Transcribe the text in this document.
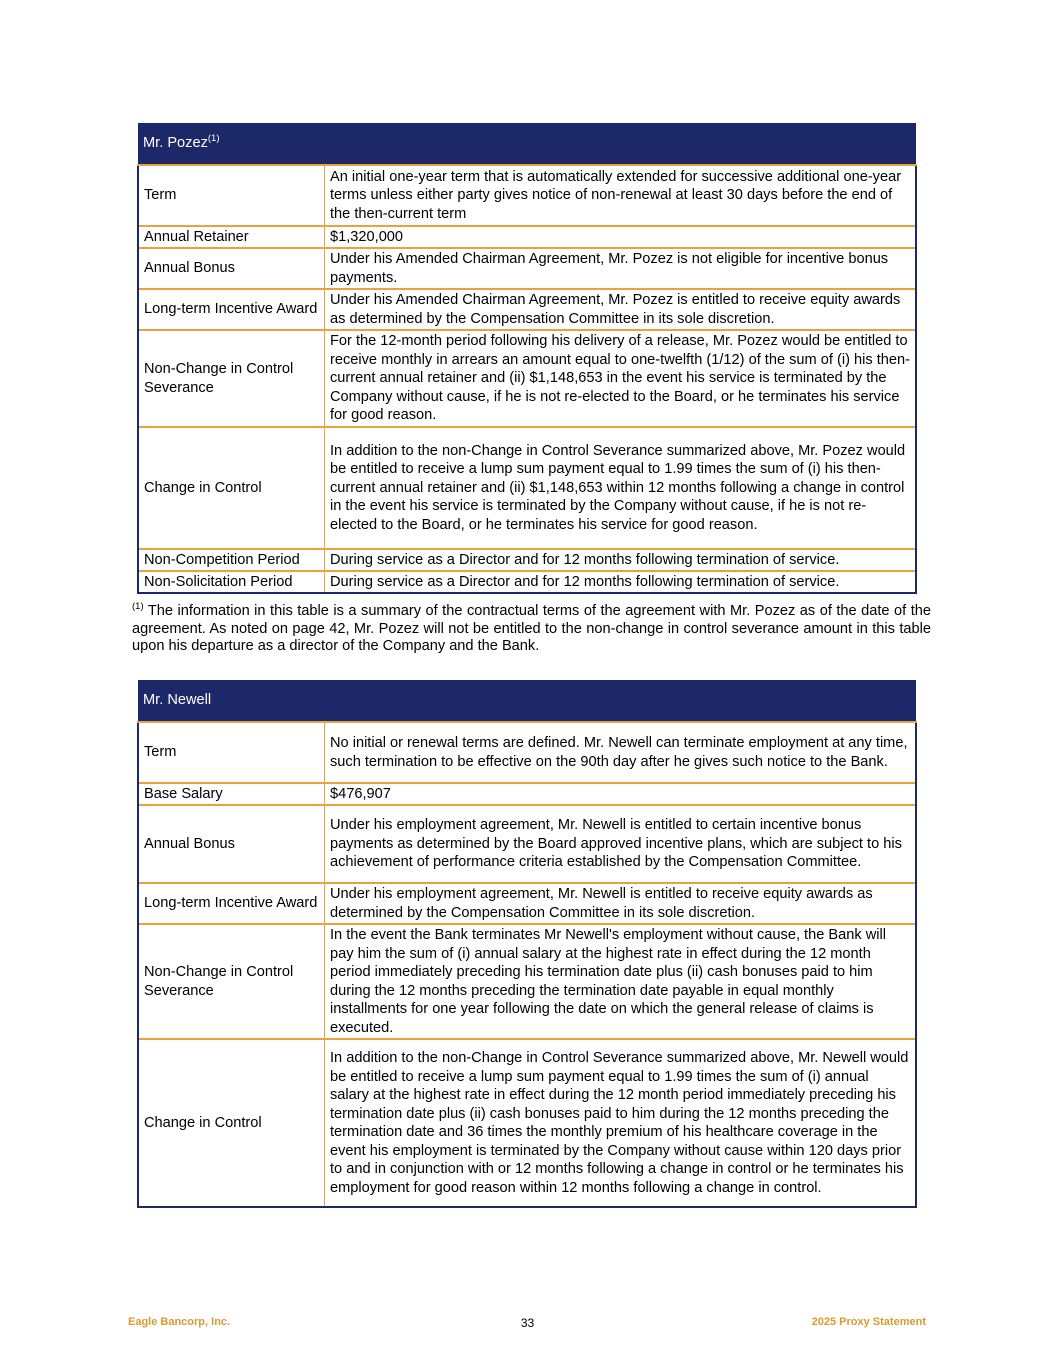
Mr. Pozez$^{(1)}$
Term	An initial one-year term that is automatically extended for successive additional one-year terms unless either party gives notice of non-renewal at least 30 days before the end of the then-current term
Annual Retainer	$1,320,000
Annual Bonus	Under his Amended Chairman Agreement, Mr. Pozez is not eligible for incentive bonus payments.
Long-term Incentive Award	Under his Amended Chairman Agreement, Mr. Pozez is entitled to receive equity awards as determined by the Compensation Committee in its sole discretion.
Non-Change in Control Severance	For the 12-month period following his delivery of a release, Mr. Pozez would be entitled to receive monthly in arrears an amount equal to one-twelfth (1/12) of the sum of (i) his then-current annual retainer and (ii) $1,148,653 in the event his service is terminated by the Company without cause, if he is not re-elected to the Board, or he terminates his service for good reason.
Change in Control	In addition to the non-Change in Control Severance summarized above, Mr. Pozez would be entitled to receive a lump sum payment equal to 1.99 times the sum of (i) his then-current annual retainer and (ii) $1,148,653 within 12 months following a change in control in the event his service is terminated by the Company without cause, if he is not re-elected to the Board, or he terminates his service for good reason.
Non-Competition Period	During service as a Director and for 12 months following termination of service.
Non-Solicitation Period	During service as a Director and for 12 months following termination of service.
$^{(1)}$ The information in this table is a summary of the contractual terms of the agreement with Mr. Pozez as of the date of the agreement. As noted on page 42, Mr. Pozez will not be entitled to the non-change in control severance amount in this table upon his departure as a director of the Company and the Bank.
Mr. Newell	
Term	No initial or renewal terms are defined. Mr. Newell can terminate employment at any time, such termination to be effective on the 90th day after he gives such notice to the Bank.
Base Salary	$476,907
Annual Bonus	Under his employment agreement, Mr. Newell is entitled to certain incentive bonus payments as determined by the Board approved incentive plans, which are subject to his achievement of performance criteria established by the Compensation Committee.
Long-term Incentive Award	Under his employment agreement, Mr. Newell is entitled to receive equity awards as determined by the Compensation Committee in its sole discretion.
Non-Change in Control Severance	In the event the Bank terminates Mr Newell's employment without cause, the Bank will pay him the sum of (i) annual salary at the highest rate in effect during the 12 month period immediately preceding his termination date plus (ii) cash bonuses paid to him during the 12 months preceding the termination date payable in equal monthly installments for one year following the date on which the general release of claims is executed.
Change in Control	In addition to the non-Change in Control Severance summarized above, Mr. Newell would be entitled to receive a lump sum payment equal to 1.99 times the sum of (i) annual salary at the highest rate in effect during the 12 month period immediately preceding his termination date plus (ii) cash bonuses paid to him during the 12 months preceding the termination date and 36 times the monthly premium of his healthcare coverage in the event his employment is terminated by the Company without cause within 120 days prior to and in conjunction with or 12 months following a change in control or he terminates his employment for good reason within 12 months following a change in control.
Eagle Bancorp, Inc.	33	2025 Proxy Statement
